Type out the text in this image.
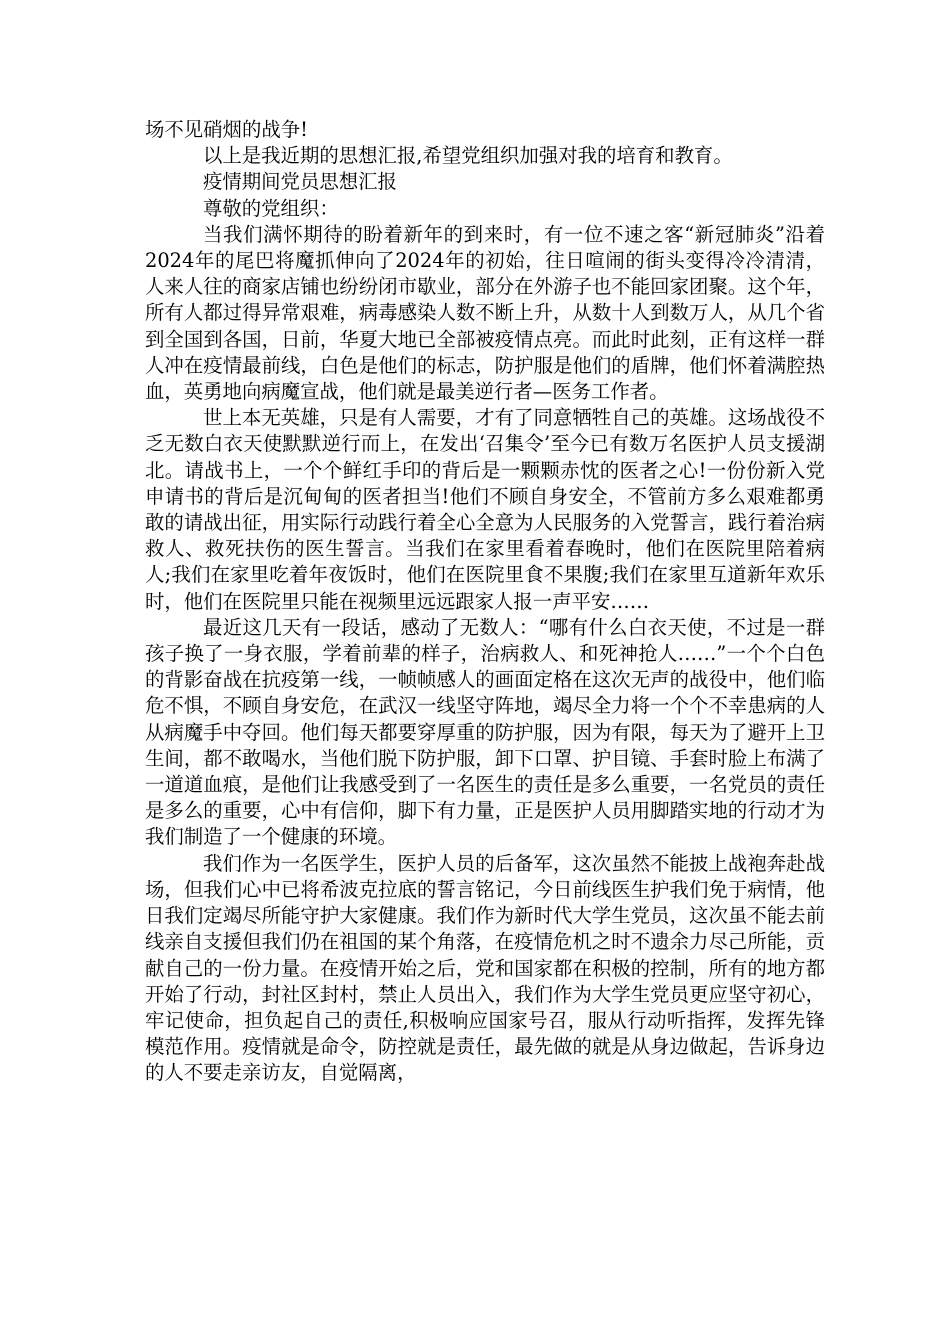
场不见硝烟的战争!

以上是我近期的思想汇报,希望党组织加强对我的培育和教育。

疫情期间党员思想汇报

尊敬的党组织：

当我们满怀期待的盼着新年的到来时，有一位不速之客“新冠肺炎”沿着2024年的尾巴将魔抓伸向了2024年的初始，往日喧闹的街头变得冷冷清清，人来人往的商家店铺也纷纷闭市歇业，部分在外游子也不能回家团聚。这个年，所有人都过得异常艰难，病毒感染人数不断上升，从数十人到数万人，从几个省到全国到各国，日前，华夏大地已全部被疫情点亮。而此时此刻，正有这样一群人冲在疫情最前线，白色是他们的标志，防护服是他们的盾牌，他们怀着满腔热血，英勇地向病魔宣战，他们就是最美逆行者—医务工作者。

世上本无英雄，只是有人需要，才有了同意牺牲自己的英雄。这场战役不乏无数白衣天使默默逆行而上，在发出‘召集令’至今已有数万名医护人员支援湖北。请战书上，一个个鲜红手印的背后是一颗颗赤忱的医者之心!一份份新入党申请书的背后是沉甸甸的医者担当!他们不顾自身安全，不管前方多么艰难都勇敢的请战出征，用实际行动践行着全心全意为人民服务的入党誓言，践行着治病救人、救死扶伤的医生誓言。当我们在家里看着春晚时，他们在医院里陪着病人;我们在家里吃着年夜饭时，他们在医院里食不果腹;我们在家里互道新年欢乐时，他们在医院里只能在视频里远远跟家人报一声平安……

最近这几天有一段话，感动了无数人：“哪有什么白衣天使，不过是一群孩子换了一身衣服，学着前辈的样子，治病救人、和死神抢人……”一个个白色的背影奋战在抗疫第一线，一帧帧感人的画面定格在这次无声的战役中，他们临危不惧，不顾自身安危，在武汉一线坚守阵地，竭尽全力将一个个不幸患病的人从病魔手中夺回。他们每天都要穿厚重的防护服，因为有限，每天为了避开上卫生间，都不敢喝水，当他们脱下防护服，卸下口罩、护目镜、手套时脸上布满了一道道血痕，是他们让我感受到了一名医生的责任是多么重要，一名党员的责任是多么的重要，心中有信仰，脚下有力量，正是医护人员用脚踏实地的行动才为我们制造了一个健康的环境。

我们作为一名医学生，医护人员的后备军，这次虽然不能披上战袍奔赴战场，但我们心中已将希波克拉底的誓言铭记，今日前线医生护我们免于病情，他日我们定竭尽所能守护大家健康。我们作为新时代大学生党员，这次虽不能去前线亲自支援但我们仍在祖国的某个角落，在疫情危机之时不遗余力尽己所能，贡献自己的一份力量。在疫情开始之后，党和国家都在积极的控制，所有的地方都开始了行动，封社区封村，禁止人员出入，我们作为大学生党员更应坚守初心，牢记使命，担负起自己的责任,积极响应国家号召，服从行动听指挥，发挥先锋模范作用。疫情就是命令，防控就是责任，最先做的就是从身边做起，告诉身边的人不要走亲访友，自觉隔离，
